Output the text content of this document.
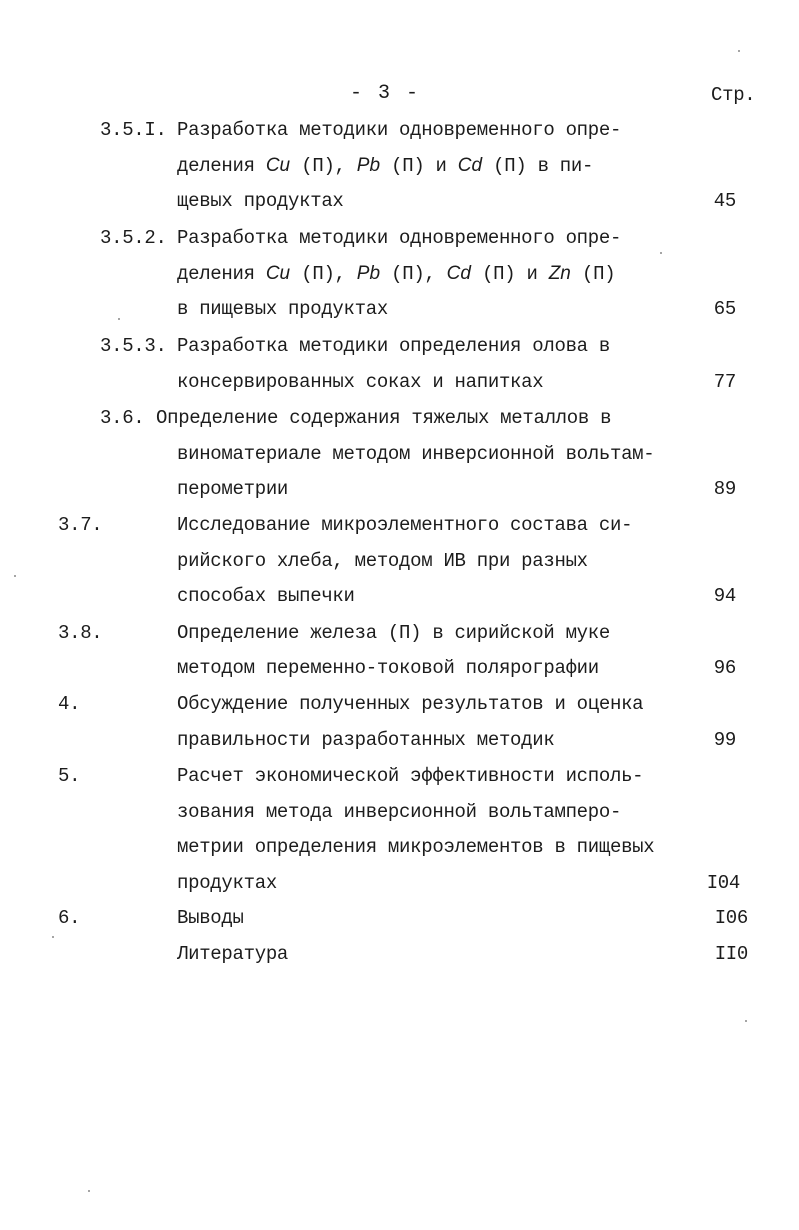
- 3 -	Стр.
3.5.I. Разработка методики одновременного опре-
деления Cu (П), Pb (П) и Cd (П) в пи-
щевых продуктах	45
3.5.2. Разработка методики одновременного опре-
деления Cu (П), Pb (П), Cd (П) и Zn (П)
в пищевых продуктах	65
3.5.3. Разработка методики определения олова в
консервированных соках и напитках	77
3.6. Определение содержания тяжелых металлов в
виноматериале методом инверсионной вольтам-
перометрии	89
3.7.	Исследование микроэлементного состава си-
рийского хлеба, методом ИВ при разных
способах выпечки	94
3.8.	Определение железа (П) в сирийской муке
методом переменно-токовой полярографии	96
4.	Обсуждение полученных результатов и оценка
правильности разработанных методик	99
5.	Расчет экономической эффективности исполь-
зования метода инверсионной вольтамперо-
метрии определения микроэлементов в пищевых
продуктах	I04
6.	Выводы	I06
Литература	II0
